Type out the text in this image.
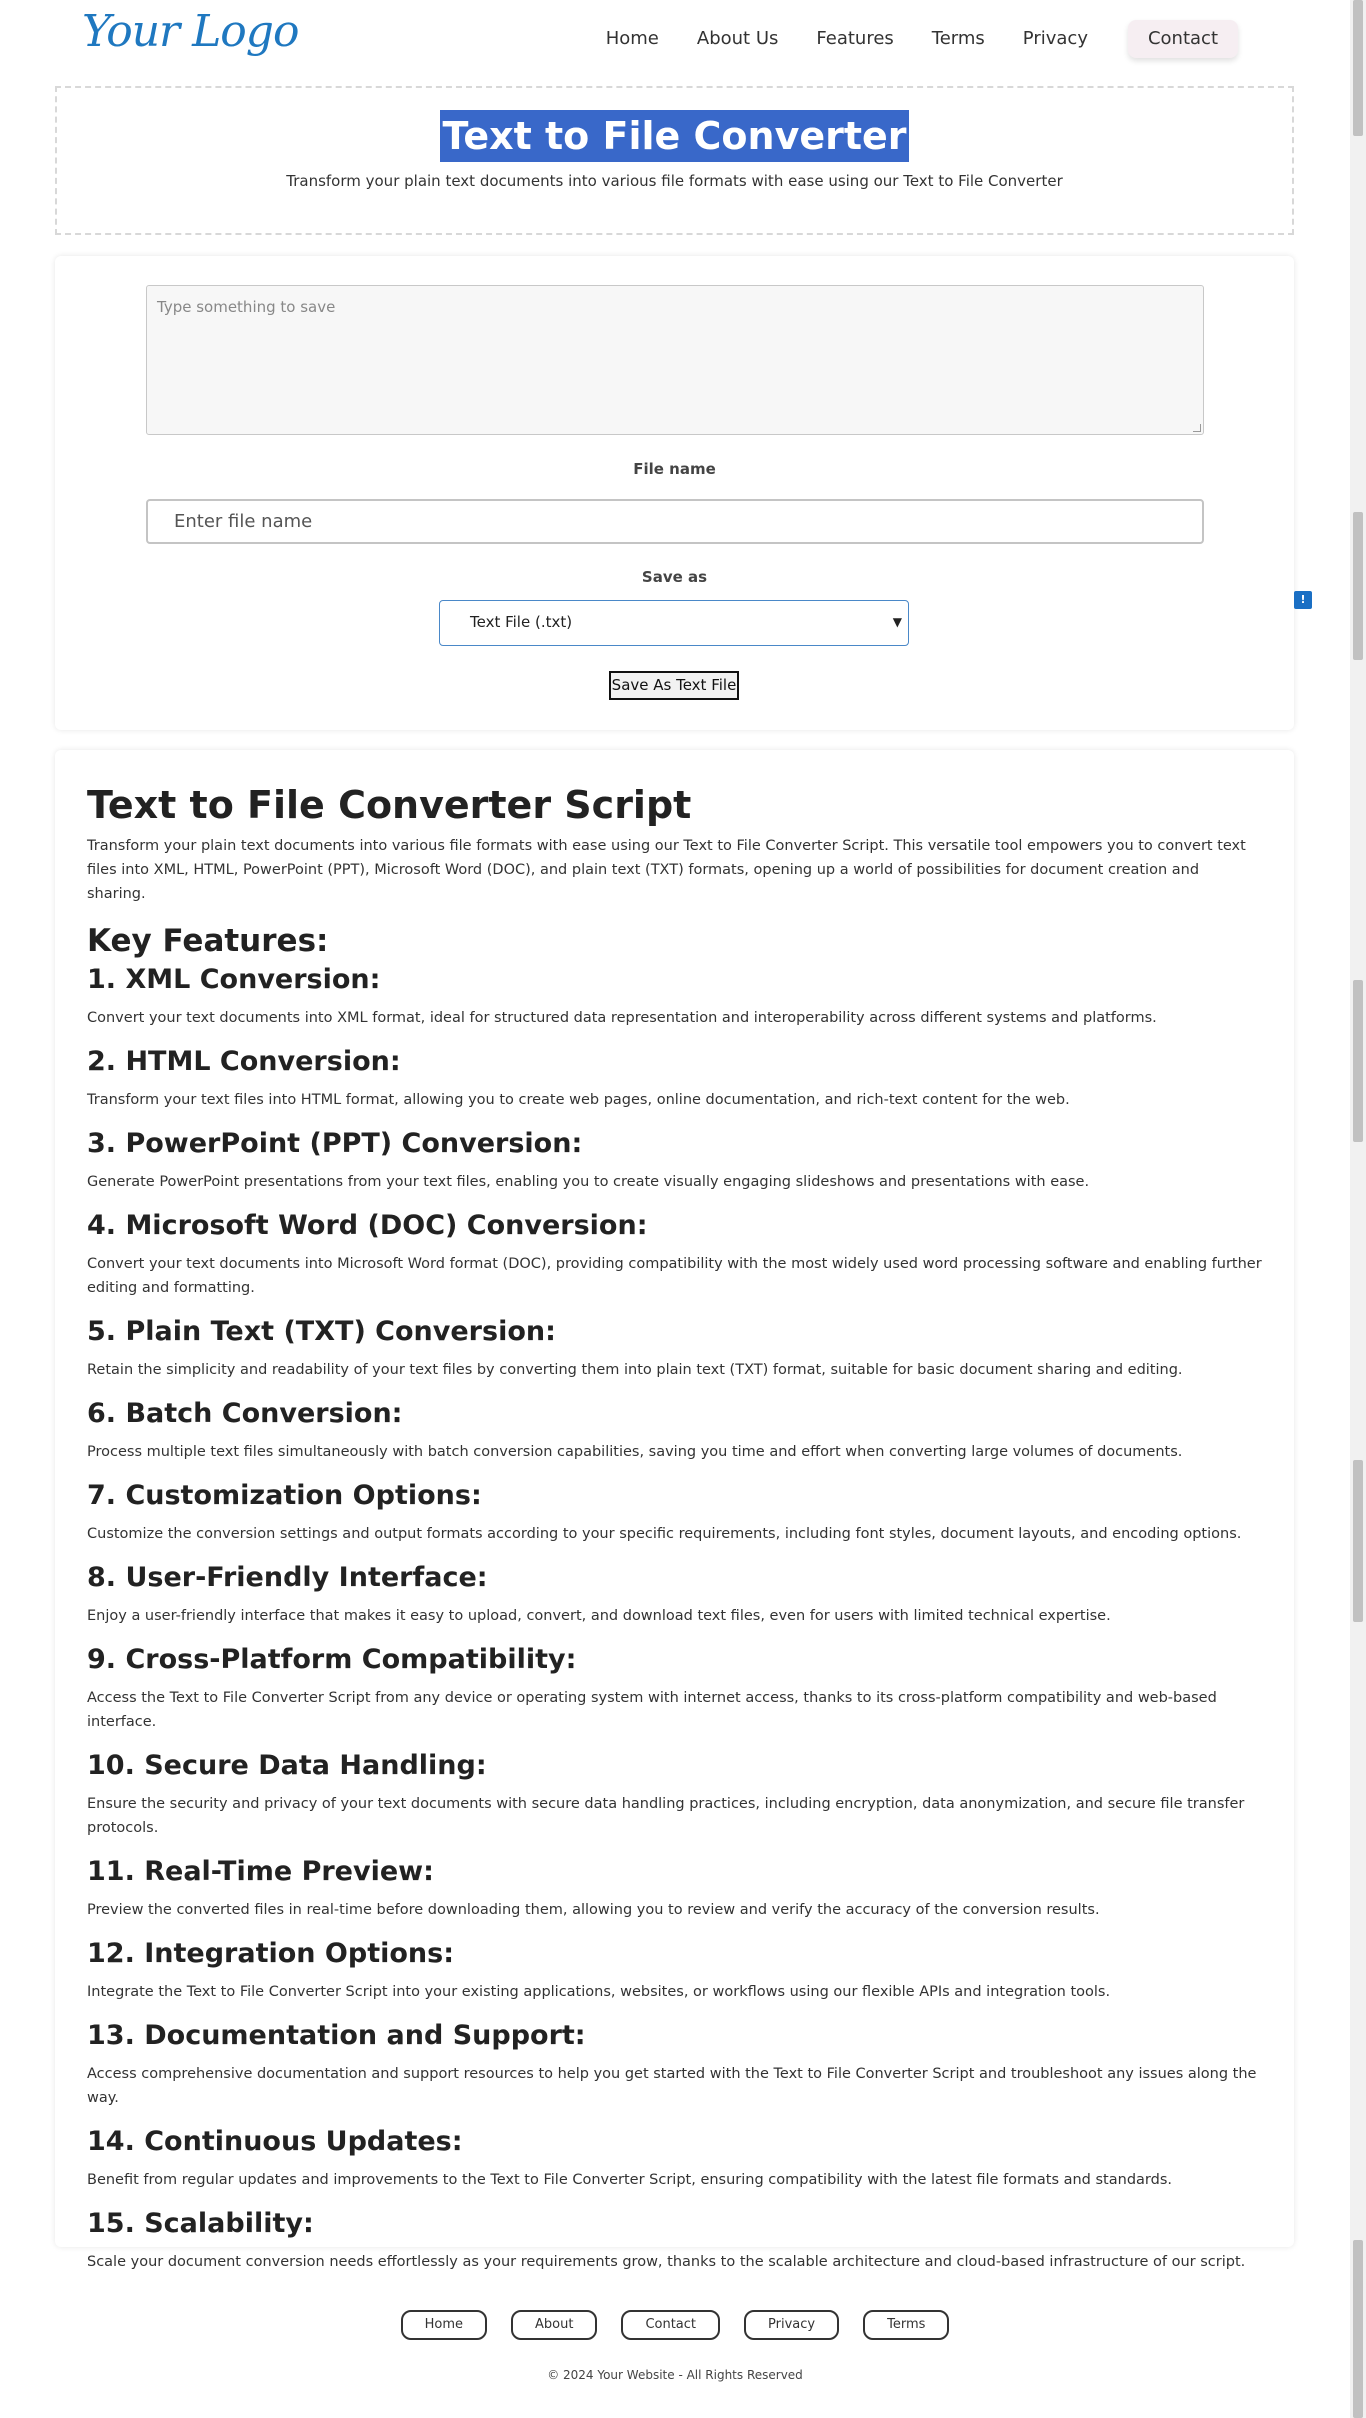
Your Logo	Home About Us Features Terms Privacy	Contact
Text to File Converter

Transform your plain text documents into various file formats with ease using our Text to File Converter

Type something to save
File name
Enter file name
Save as
Text File (.txt)	▼
Save As Text File
!
Text to File Converter Script

Transform your plain text documents into various file formats with ease using our Text to File Converter Script. This versatile tool empowers you to convert text files into XML, HTML, PowerPoint (PPT), Microsoft Word (DOC), and plain text (TXT) formats, opening up a world of possibilities for document creation and sharing.

Key Features:
1. XML Conversion:

Convert your text documents into XML format, ideal for structured data representation and interoperability across different systems and platforms.

2. HTML Conversion:

Transform your text files into HTML format, allowing you to create web pages, online documentation, and rich-text content for the web.

3. PowerPoint (PPT) Conversion:

Generate PowerPoint presentations from your text files, enabling you to create visually engaging slideshows and presentations with ease.

4. Microsoft Word (DOC) Conversion:

Convert your text documents into Microsoft Word format (DOC), providing compatibility with the most widely used word processing software and enabling further editing and formatting.

5. Plain Text (TXT) Conversion:

Retain the simplicity and readability of your text files by converting them into plain text (TXT) format, suitable for basic document sharing and editing.

6. Batch Conversion:

Process multiple text files simultaneously with batch conversion capabilities, saving you time and effort when converting large volumes of documents.

7. Customization Options:

Customize the conversion settings and output formats according to your specific requirements, including font styles, document layouts, and encoding options.

8. User-Friendly Interface:

Enjoy a user-friendly interface that makes it easy to upload, convert, and download text files, even for users with limited technical expertise.

9. Cross-Platform Compatibility:

Access the Text to File Converter Script from any device or operating system with internet access, thanks to its cross-platform compatibility and web-based interface.

10. Secure Data Handling:

Ensure the security and privacy of your text documents with secure data handling practices, including encryption, data anonymization, and secure file transfer protocols.

11. Real-Time Preview:

Preview the converted files in real-time before downloading them, allowing you to review and verify the accuracy of the conversion results.

12. Integration Options:

Integrate the Text to File Converter Script into your existing applications, websites, or workflows using our flexible APIs and integration tools.

13. Documentation and Support:

Access comprehensive documentation and support resources to help you get started with the Text to File Converter Script and troubleshoot any issues along the way.

14. Continuous Updates:

Benefit from regular updates and improvements to the Text to File Converter Script, ensuring compatibility with the latest file formats and standards.

15. Scalability:

Scale your document conversion needs effortlessly as your requirements grow, thanks to the scalable architecture and cloud-based infrastructure of our script.

Home	About	Contact	Privacy	Terms

© 2024 Your Website - All Rights Reserved
